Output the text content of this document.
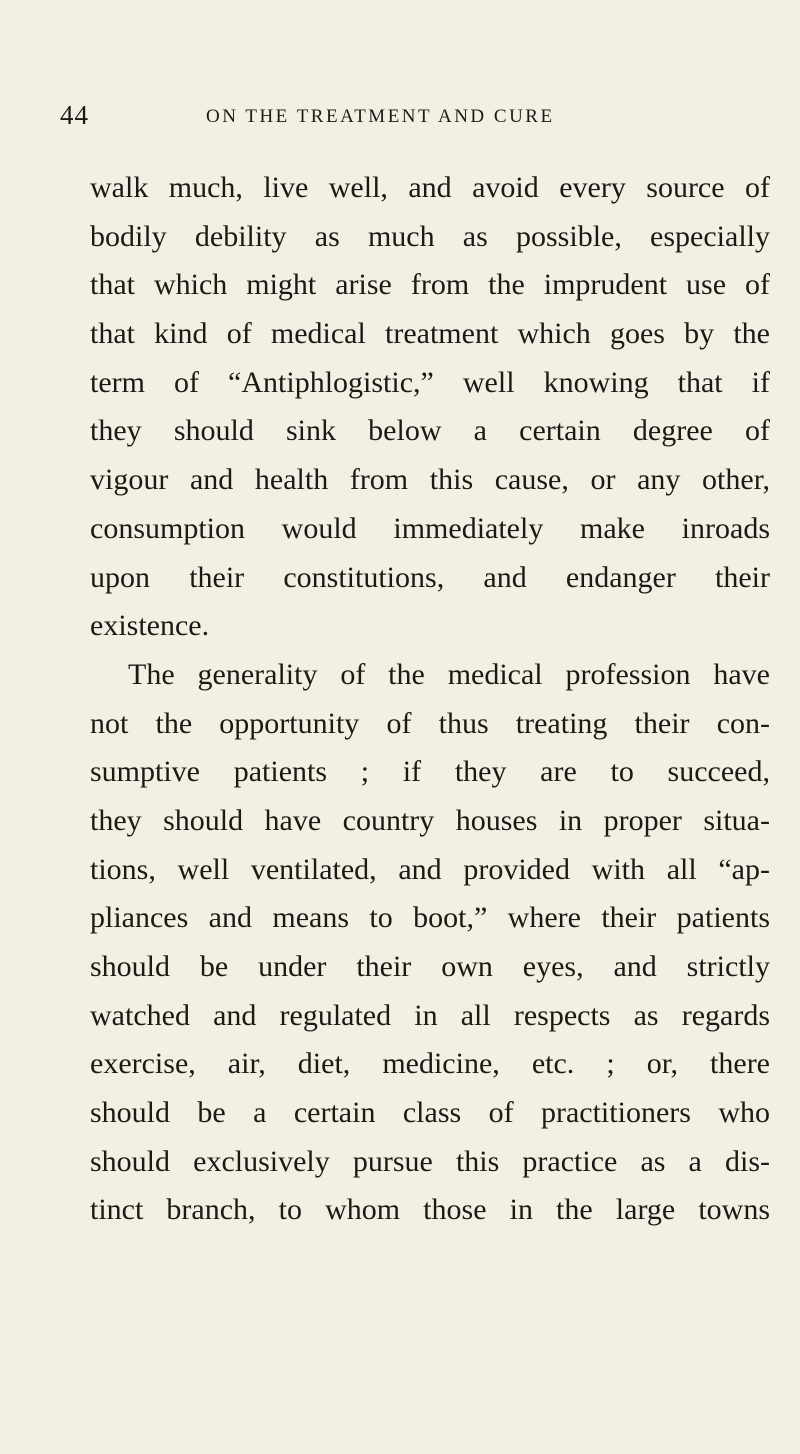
44	ON THE TREATMENT AND CURE
walk much, live well, and avoid every source of
bodily debility as much as possible, especially
that which might arise from the imprudent use of
that kind of medical treatment which goes by the
term of “Antiphlogistic,” well knowing that if
they should sink below a certain degree of
vigour and health from this cause, or any other,
consumption would immediately make inroads
upon their constitutions, and endanger their
existence.
The generality of the medical profession have
not the opportunity of thus treating their con-
sumptive patients ; if they are to succeed,
they should have country houses in proper situa-
tions, well ventilated, and provided with all “ap-
pliances and means to boot,” where their patients
should be under their own eyes, and strictly
watched and regulated in all respects as regards
exercise, air, diet, medicine, etc. ; or, there
should be a certain class of practitioners who
should exclusively pursue this practice as a dis-
tinct branch, to whom those in the large towns
